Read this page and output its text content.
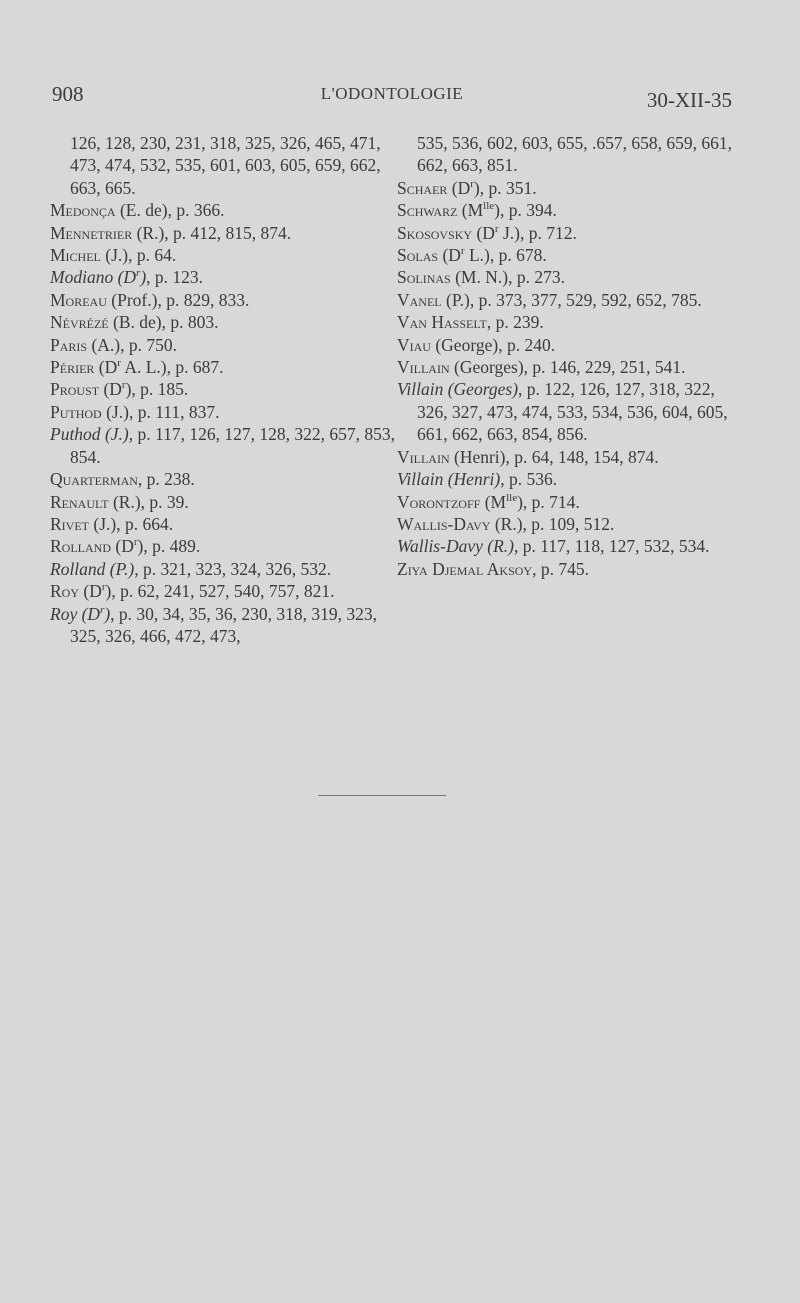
908	L'ODONTOLOGIE	30-XII-35

126, 128, 230, 231, 318, 325, 326, 465, 471, 473, 474, 532, 535, 601, 603, 605, 659, 662, 663, 665.

Medonça (E. de), p. 366.

Mennetrier (R.), p. 412, 815, 874.

Michel (J.), p. 64.

Modiano $(D^r)$, p. 123.

Moreau (Prof.), p. 829, 833.

Névrézé (B. de), p. 803.

Paris (A.), p. 750.

Périer ($D^r$ A. L.), p. 687.

Proust $(D^r)$, p. 185.

Puthod (J.), p. 111, 837.

Puthod (J.), p. 117, 126, 127, 128, 322, 657, 853, 854.

Quarterman, p. 238.

Renault (R.), p. 39.

Rivet (J.), p. 664.

Rolland $(D^r)$, p. 489.

Rolland (P.), p. 321, 323, 324, 326, 532.

Roy $(D^r)$, p. 62, 241, 527, 540, 757, 821.

Roy $(D^r)$, p. 30, 34, 35, 36, 230, 318, 319, 323, 325, 326, 466, 472, 473,

535, 536, 602, 603, 655, .657, 658, 659, 661, 662, 663, 851.

Schaer $(D^r)$, p. 351.

Schwarz $(M^{lle})$, p. 394.

Skosovsky ($D^r$ J.), p. 712.

Solas ($D^r$ L.), p. 678.

Solinas (M. N.), p. 273.

Vanel (P.), p. 373, 377, 529, 592, 652, 785.

Van Hasselt, p. 239.

Viau (George), p. 240.

Villain (Georges), p. 146, 229, 251, 541.

Villain (Georges), p. 122, 126, 127, 318, 322, 326, 327, 473, 474, 533, 534, 536, 604, 605, 661, 662, 663, 854, 856.

Villain (Henri), p. 64, 148, 154, 874.

Villain (Henri), p. 536.

Vorontzoff $(M^{lle})$, p. 714.

Wallis-Davy (R.), p. 109, 512.

Wallis-Davy (R.), p. 117, 118, 127, 532, 534.

Ziya Djemal Aksoy, p. 745.
